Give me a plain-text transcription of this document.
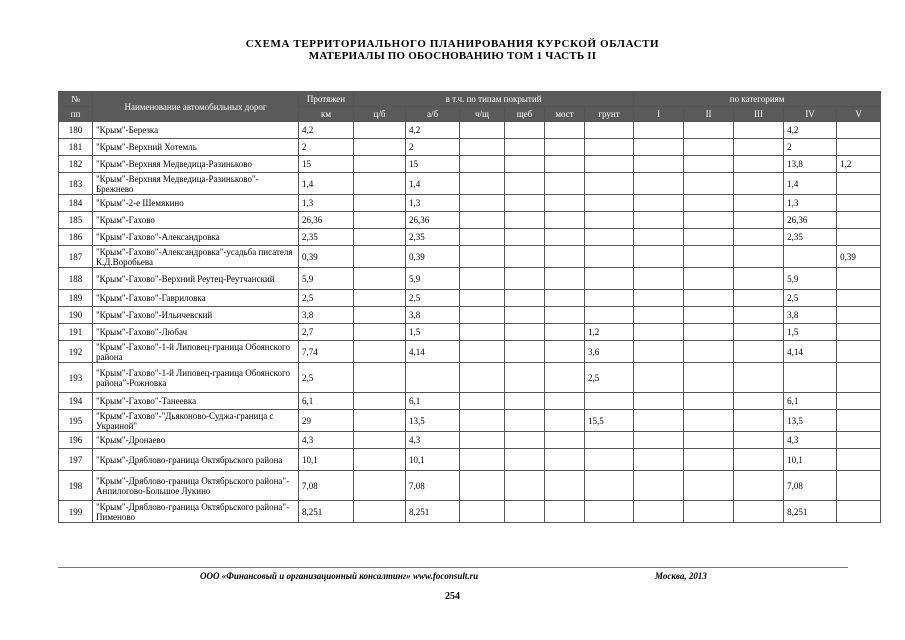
СХЕМА ТЕРРИТОРИАЛЬНОГО ПЛАНИРОВАНИЯ КУРСКОЙ ОБЛАСТИ
МАТЕРИАЛЫ ПО ОБОСНОВАНИЮ ТОМ 1 ЧАСТЬ II
№	Наименование автомобильных дорог	Протяжен	в т.ч. по типам покрытий						по категориям				
пп		км	ц/б	а/б	ч/щ	щеб	мост	грунт	I	II	III	IV	V
180	"Крым"-Березка	4,2		4,2								4,2	
181	"Крым"-Верхний Хотемль	2		2								2	
182	"Крым"-Верхняя Медведица-Разиньково	15		15								13,8	1,2
183	"Крым"-Верхняя Медведица-Разиньково"-Брежнево	1,4		1,4								1,4	
184	"Крым"-2-е Шемякино	1,3		1,3								1,3	
185	"Крым"-Гахово	26,36		26,36								26,36	
186	"Крым"-Гахово"-Александровка	2,35		2,35								2,35	
187	"Крым"-Гахово"-Александровка"-усадьба писателя К.Д.Воробьева	0,39		0,39									0,39
188	"Крым"-Гахово"-Верхний Реутец-Реутчанский	5,9		5,9								5,9	
189	"Крым"-Гахово"-Гавриловка	2,5		2,5								2,5	
190	"Крым"-Гахово"-Ильичевский	3,8		3,8								3,8	
191	"Крым"-Гахово"-Любач	2,7		1,5				1,2				1,5	
192	"Крым"-Гахово"-1-й Липовец-граница Обоянского района	7,74		4,14				3,6				4,14	
193	"Крым"-Гахово"-1-й Липовец-граница Обоянского района"-Рожновка	2,5						2,5					
194	"Крым"-Гахово"-Танеевка	6,1		6,1								6,1	
195	"Крым"-Гахово"-"Дьяконово-Суджа-граница с Украиной"	29		13,5				15,5				13,5	
196	"Крым"-Дронаево	4,3		4,3								4,3	
197	"Крым"-Дряблово-граница Октябрьского района	10,1		10,1								10,1	
198	"Крым"-Дряблово-граница Октябрьского района"-Анпилогово-Большое Лукино	7,08		7,08								7,08	
199	"Крым"-Дряблово-граница Октябрьского района"-Пименово	8,251		8,251								8,251	
ООО «Финансовый и организационный консалтинг» www.foconsult.ru	Москва, 2013
254
